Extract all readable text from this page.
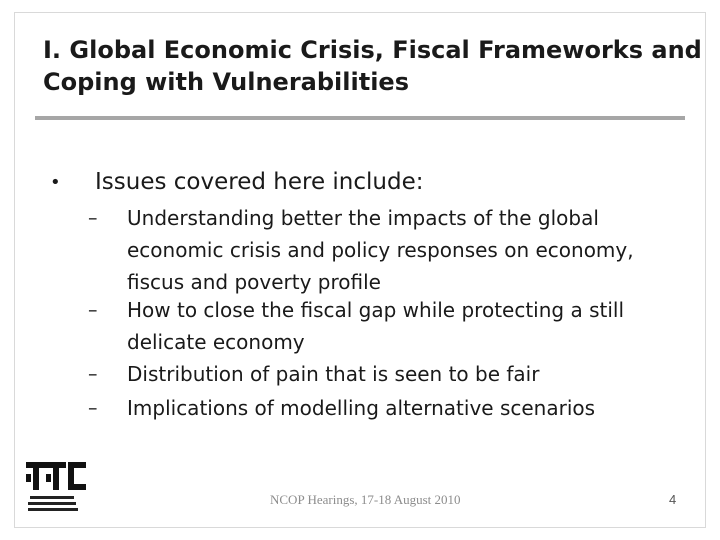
I. Global Economic Crisis, Fiscal Frameworks and Coping with Vulnerabilities
• Issues covered here include:
– Understanding better the impacts of the global economic crisis and policy responses on economy, fiscus and poverty profile
– How to close the fiscal gap while protecting a still delicate economy
– Distribution of pain that is seen to be fair
– Implications of modelling alternative scenarios
NCOP Hearings, 17-18 August 2010	4
